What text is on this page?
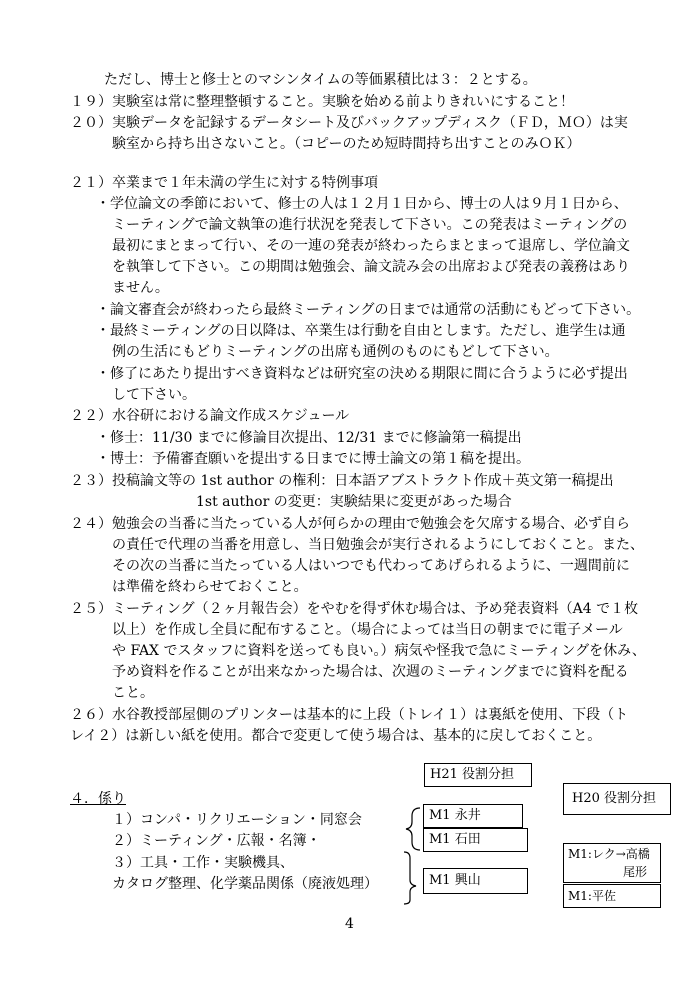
ただし、博士と修士とのマシンタイムの等価累積比は３：２とする。
１９）実験室は常に整理整頓すること。実験を始める前よりきれいにすること！
２０）実験データを記録するデータシート及びバックアップディスク（ＦＤ，ＭＯ）は実
験室から持ち出さないこと。（コピーのため短時間持ち出すことのみＯＫ）
２１）卒業まで１年未満の学生に対する特例事項
・学位論文の季節において、修士の人は１２月１日から、博士の人は９月１日から、
ミーティングで論文執筆の進行状況を発表して下さい。この発表はミーティングの
最初にまとまって行い、その一連の発表が終わったらまとまって退席し、学位論文
を執筆して下さい。この期間は勉強会、論文読み会の出席および発表の義務はあり
ません。
・論文審査会が終わったら最終ミーティングの日までは通常の活動にもどって下さい。
・最終ミーティングの日以降は、卒業生は行動を自由とします。ただし、進学生は通
例の生活にもどりミーティングの出席も通例のものにもどして下さい。
・修了にあたり提出すべき資料などは研究室の決める期限に間に合うように必ず提出
して下さい。
２２）水谷研における論文作成スケジュール
・修士：11/30 までに修論目次提出、12/31 までに修論第一稿提出
・博士：予備審査願いを提出する日までに博士論文の第１稿を提出。
２３）投稿論文等の 1st author の権利：日本語アブストラクト作成＋英文第一稿提出
1st author の変更：実験結果に変更があった場合
２４）勉強会の当番に当たっている人が何らかの理由で勉強会を欠席する場合、必ず自ら
の責任で代理の当番を用意し、当日勉強会が実行されるようにしておくこと。また、
その次の当番に当たっている人はいつでも代わってあげられるように、一週間前に
は準備を終わらせておくこと。
２５）ミーティング（２ヶ月報告会）をやむを得ず休む場合は、予め発表資料（A4 で１枚
以上）を作成し全員に配布すること。（場合によっては当日の朝までに電子メール
や FAX でスタッフに資料を送っても良い。）病気や怪我で急にミーティングを休み、
予め資料を作ることが出来なかった場合は、次週のミーティングまでに資料を配る
こと。
２６）水谷教授部屋側のプリンターは基本的に上段（トレイ１）は裏紙を使用、下段（ト
レイ２）は新しい紙を使用。都合で変更して使う場合は、基本的に戻しておくこと。
４．係り
１）コンパ・リクリエーション・同窓会
２）ミーティング・広報・名簿・
３）工具・工作・実験機具、
カタログ整理、化学薬品関係（廃液処理）
H21 役割分担
M1 永井
M1 石田
M1 興山
H20 役割分担
M1:レク→高橋
尾形
M1:平佐
4
